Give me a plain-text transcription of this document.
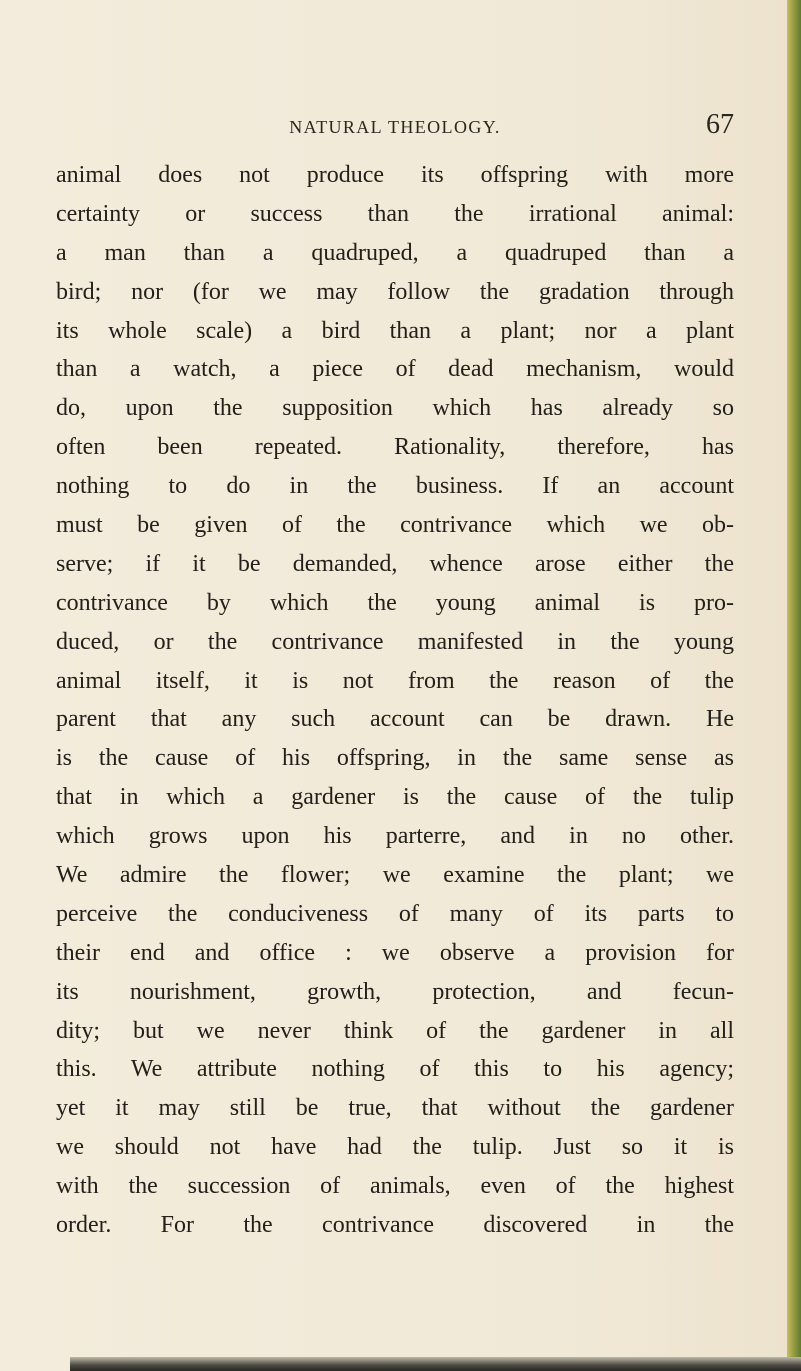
NATURAL THEOLOGY.	67
animal does not produce its offspring with more
certainty or success than the irrational animal:
a man than a quadruped, a quadruped than a
bird; nor (for we may follow the gradation through
its whole scale) a bird than a plant; nor a plant
than a watch, a piece of dead mechanism, would
do, upon the supposition which has already so
often been repeated. Rationality, therefore, has
nothing to do in the business. If an account
must be given of the contrivance which we ob-
serve; if it be demanded, whence arose either the
contrivance by which the young animal is pro-
duced, or the contrivance manifested in the young
animal itself, it is not from the reason of the
parent that any such account can be drawn. He
is the cause of his offspring, in the same sense as
that in which a gardener is the cause of the tulip
which grows upon his parterre, and in no other.
We admire the flower; we examine the plant; we
perceive the conduciveness of many of its parts to
their end and office : we observe a provision for
its nourishment, growth, protection, and fecun-
dity; but we never think of the gardener in all
this. We attribute nothing of this to his agency;
yet it may still be true, that without the gardener
we should not have had the tulip. Just so it is
with the succession of animals, even of the highest
order. For the contrivance discovered in the
